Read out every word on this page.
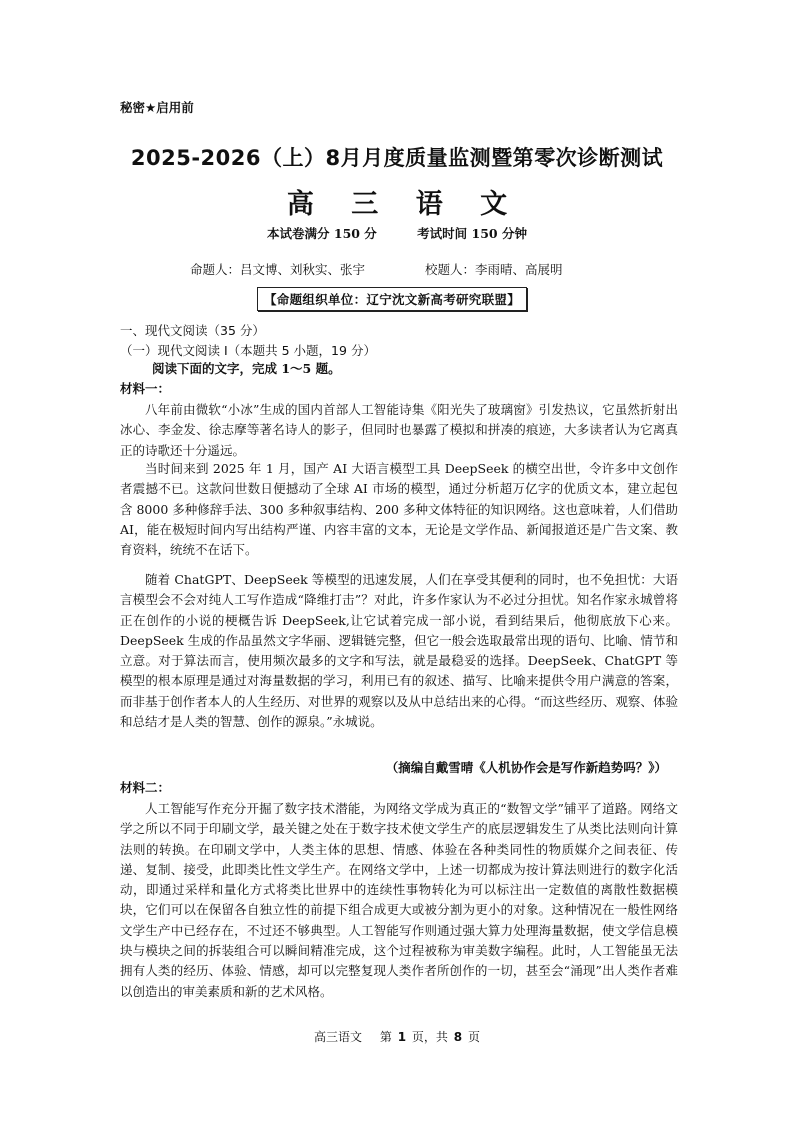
秘密★启用前
2025-2026（上）8月月度质量监测暨第零次诊断测试
高 三 语 文
本试卷满分 150 分	考试时间 150 分钟
命题人：吕文博、刘秋实、张宇	校题人：李雨晴、高展明
【命题组织单位：辽宁沈文新高考研究联盟】
一、现代文阅读（35 分）
（一）现代文阅读 I（本题共 5 小题，19 分）
阅读下面的文字，完成 1～5 题。
材料一：

八年前由微软“小冰”生成的国内首部人工智能诗集《阳光失了玻璃窗》引发热议，它虽然折射出冰心、李金发、徐志摩等著名诗人的影子，但同时也暴露了模拟和拼凑的痕迹，大多读者认为它离真正的诗歌还十分遥远。

当时间来到 2025 年 1 月，国产 AI 大语言模型工具 DeepSeek 的横空出世，令许多中文创作者震撼不已。这款问世数日便撼动了全球 AI 市场的模型，通过分析超万亿字的优质文本，建立起包含 8000 多种修辞手法、300 多种叙事结构、200 多种文体特征的知识网络。这也意味着，人们借助 AI，能在极短时间内写出结构严谨、内容丰富的文本，无论是文学作品、新闻报道还是广告文案、教育资料，统统不在话下。

随着 ChatGPT、DeepSeek 等模型的迅速发展，人们在享受其便利的同时，也不免担忧：大语言模型会不会对纯人工写作造成“降维打击”？对此，许多作家认为不必过分担忧。知名作家永城曾将正在创作的小说的梗概告诉 DeepSeek,让它试着完成一部小说，看到结果后，他彻底放下心来。DeepSeek 生成的作品虽然文字华丽、逻辑链完整，但它一般会选取最常出现的语句、比喻、情节和立意。对于算法而言，使用频次最多的文字和写法，就是最稳妥的选择。DeepSeek、ChatGPT 等模型的根本原理是通过对海量数据的学习，利用已有的叙述、描写、比喻来提供令用户满意的答案，而非基于创作者本人的人生经历、对世界的观察以及从中总结出来的心得。“而这些经历、观察、体验和总结才是人类的智慧、创作的源泉。”永城说。

（摘编自戴雪晴《人机协作会是写作新趋势吗？》）
材料二：

人工智能写作充分开掘了数字技术潜能，为网络文学成为真正的“数智文学”铺平了道路。网络文学之所以不同于印刷文学，最关键之处在于数字技术使文学生产的底层逻辑发生了从类比法则向计算法则的转换。在印刷文学中，人类主体的思想、情感、体验在各种类同性的物质媒介之间表征、传递、复制、接受，此即类比性文学生产。在网络文学中，上述一切都成为按计算法则进行的数字化活动，即通过采样和量化方式将类比世界中的连续性事物转化为可以标注出一定数值的离散性数据模块，它们可以在保留各自独立性的前提下组合成更大或被分割为更小的对象。这种情况在一般性网络文学生产中已经存在，不过还不够典型。人工智能写作则通过强大算力处理海量数据，使文学信息模块与模块之间的拆装组合可以瞬间精准完成，这个过程被称为审美数字编程。此时，人工智能虽无法拥有人类的经历、体验、情感，却可以完整复现人类作者所创作的一切，甚至会“涌现”出人类作者难以创造出的审美素质和新的艺术风格。

高三语文 第 1 页，共 8 页
